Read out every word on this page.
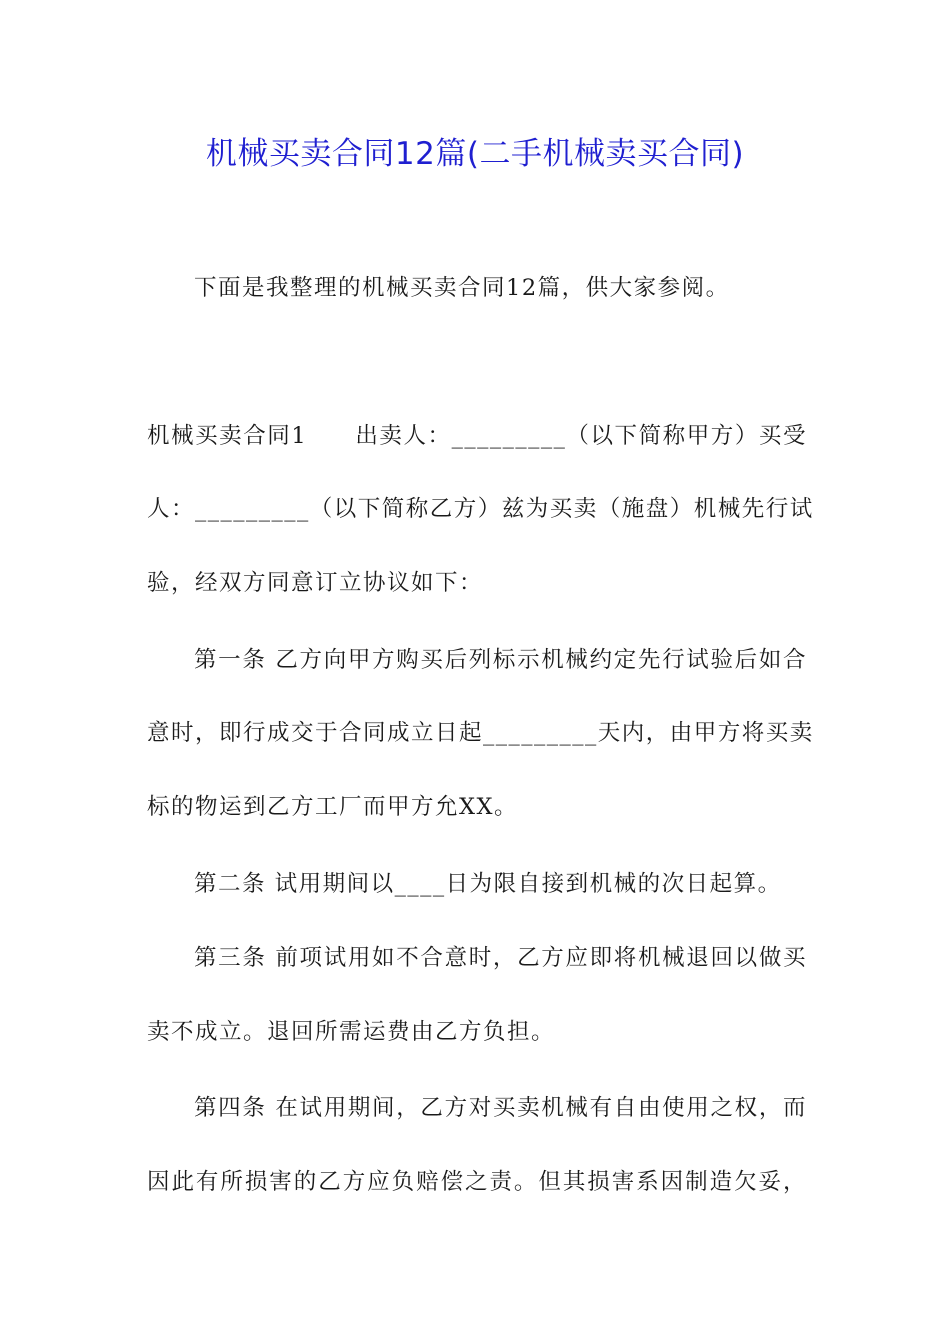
机械买卖合同12篇(二手机械卖买合同)
下面是我整理的机械买卖合同12篇，供大家参阅。
机械买卖合同1　　出卖人：_________（以下简称甲方）买受
人：_________（以下简称乙方）兹为买卖（施盘）机械先行试
验，经双方同意订立协议如下：
第一条 乙方向甲方购买后列标示机械约定先行试验后如合
意时，即行成交于合同成立日起_________天内，由甲方将买卖
标的物运到乙方工厂而甲方允XX。
第二条 试用期间以____日为限自接到机械的次日起算。
第三条 前项试用如不合意时，乙方应即将机械退回以做买
卖不成立。退回所需运费由乙方负担。
第四条 在试用期间，乙方对买卖机械有自由使用之权，而
因此有所损害的乙方应负赔偿之责。但其损害系因制造欠妥，
